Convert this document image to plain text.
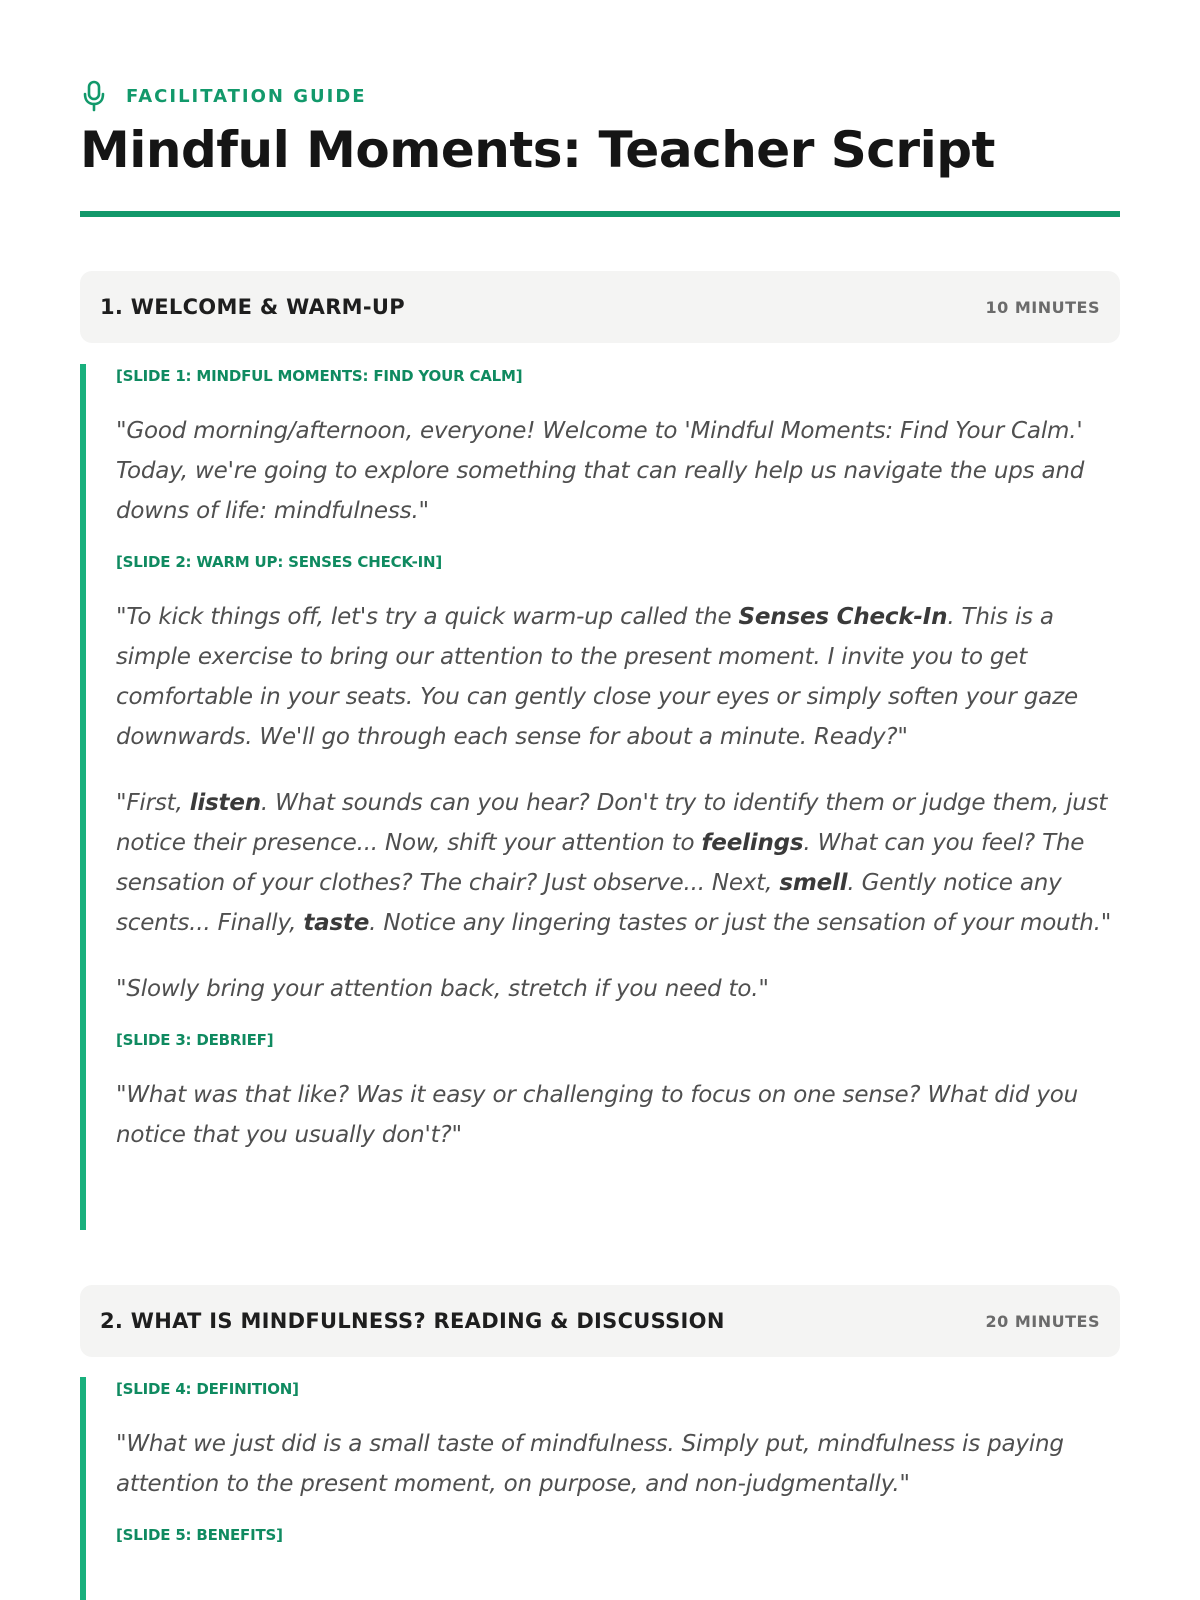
FACILITATION GUIDE
Mindful Moments: Teacher Script
1. WELCOME & WARM-UP	10 MINUTES

[SLIDE 1: MINDFUL MOMENTS: FIND YOUR CALM]

"Good morning/afternoon, everyone! Welcome to 'Mindful Moments: Find Your Calm.' Today, we're going to explore something that can really help us navigate the ups and downs of life: mindfulness."

[SLIDE 2: WARM UP: SENSES CHECK-IN]

"To kick things off, let's try a quick warm-up called the Senses Check-In. This is a simple exercise to bring our attention to the present moment. I invite you to get comfortable in your seats. You can gently close your eyes or simply soften your gaze downwards. We'll go through each sense for about a minute. Ready?"

"First, listen. What sounds can you hear? Don't try to identify them or judge them, just notice their presence... Now, shift your attention to feelings. What can you feel? The sensation of your clothes? The chair? Just observe... Next, smell. Gently notice any scents... Finally, taste. Notice any lingering tastes or just the sensation of your mouth."

"Slowly bring your attention back, stretch if you need to."

[SLIDE 3: DEBRIEF]

"What was that like? Was it easy or challenging to focus on one sense? What did you notice that you usually don't?"

2. WHAT IS MINDFULNESS? READING & DISCUSSION	20 MINUTES

[SLIDE 4: DEFINITION]

"What we just did is a small taste of mindfulness. Simply put, mindfulness is paying attention to the present moment, on purpose, and non-judgmentally."

[SLIDE 5: BENEFITS]
